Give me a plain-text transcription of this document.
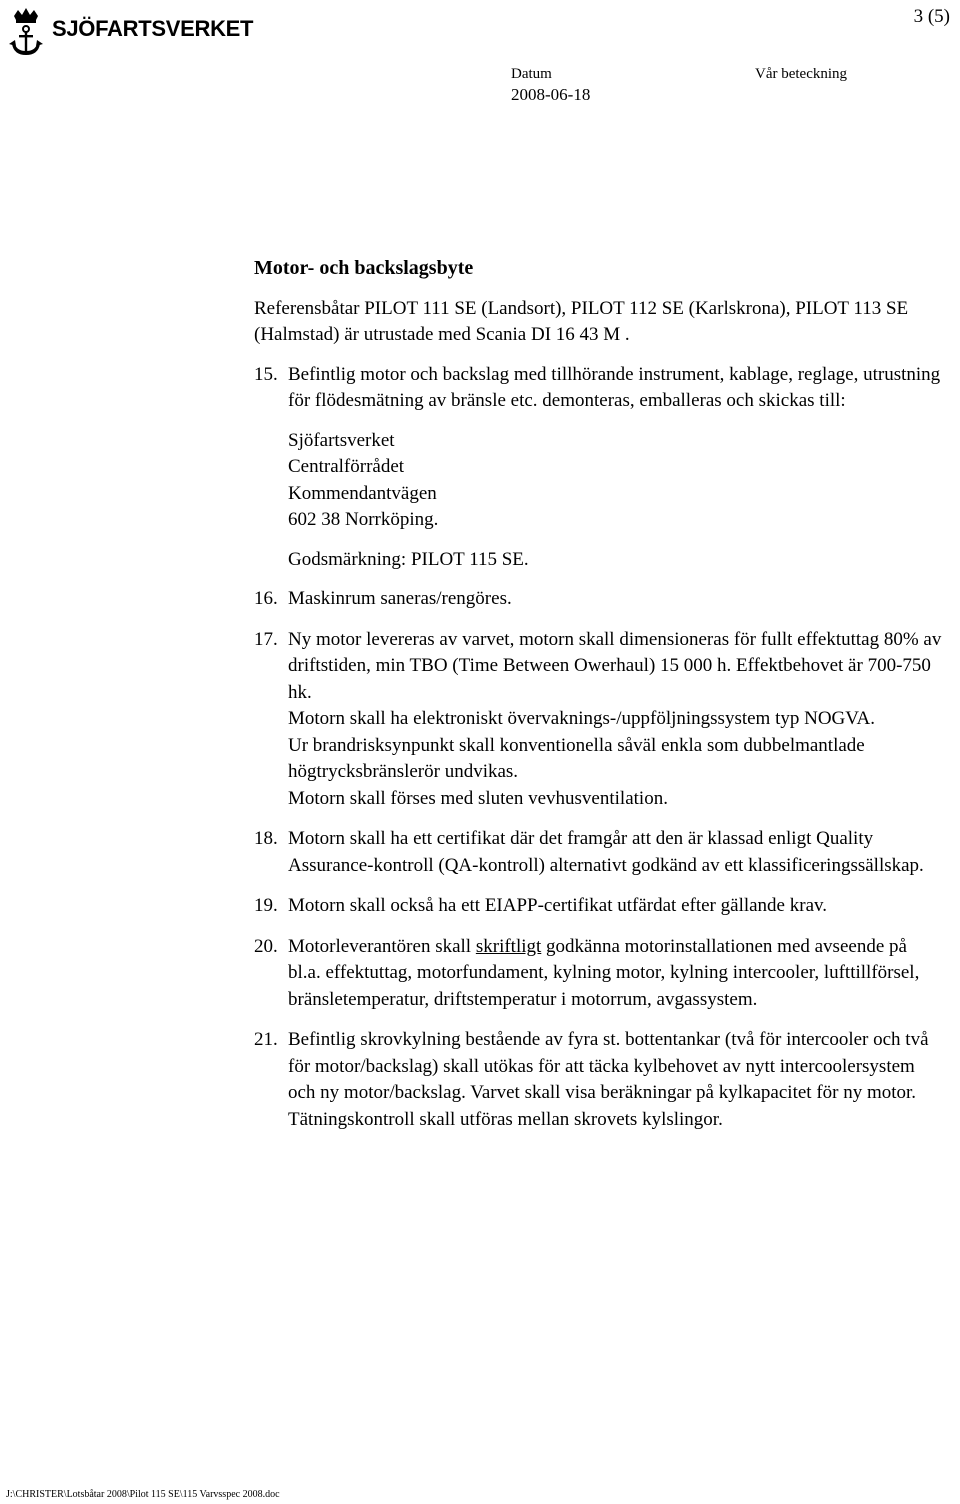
SJÖFARTSVERKET	3 (5)
Datum	Vår beteckning
2008-06-18
Motor- och backslagsbyte

Referensbåtar PILOT 111 SE (Landsort), PILOT 112 SE (Karlskrona), PILOT 113 SE (Halmstad) är utrustade med Scania DI 16 43 M .

15. Befintlig motor och backslag med tillhörande instrument, kablage, reglage, utrustning för flödesmätning av bränsle etc. demonteras, emballeras och skickas till:

Sjöfartsverket
Centralförrådet
Kommendantvägen
602 38 Norrköping.

Godsmärkning: PILOT 115 SE.

16. Maskinrum saneras/rengöres.

17. Ny motor levereras av varvet, motorn skall dimensioneras för fullt effektuttag 80% av driftstiden, min TBO (Time Between Owerhaul) 15 000 h. Effektbehovet är 700-750 hk.

Motorn skall ha elektroniskt övervaknings-/uppföljningssystem typ NOGVA.

Ur brandrisksynpunkt skall konventionella såväl enkla som dubbelmantlade högtrycksbränslerör undvikas.

Motorn skall förses med sluten vevhusventilation.

18. Motorn skall ha ett certifikat där det framgår att den är klassad enligt Quality Assurance-kontroll (QA-kontroll) alternativt godkänd av ett klassificeringssällskap.

19. Motorn skall också ha ett EIAPP-certifikat utfärdat efter gällande krav.

20. Motorleverantören skall skriftligt godkänna motorinstallationen med avseende på bl.a. effektuttag, motorfundament, kylning motor, kylning intercooler, lufttillförsel, bränsletemperatur, driftstemperatur i motorrum, avgassystem.

21. Befintlig skrovkylning bestående av fyra st. bottentankar (två för intercooler och två för motor/backslag) skall utökas för att täcka kylbehovet av nytt intercoolersystem och ny motor/backslag. Varvet skall visa beräkningar på kylkapacitet för ny motor. Tätningskontroll skall utföras mellan skrovets kylslingor.

J:\CHRISTER\Lotsbåtar 2008\Pilot 115 SE\115 Varvsspec 2008.doc
